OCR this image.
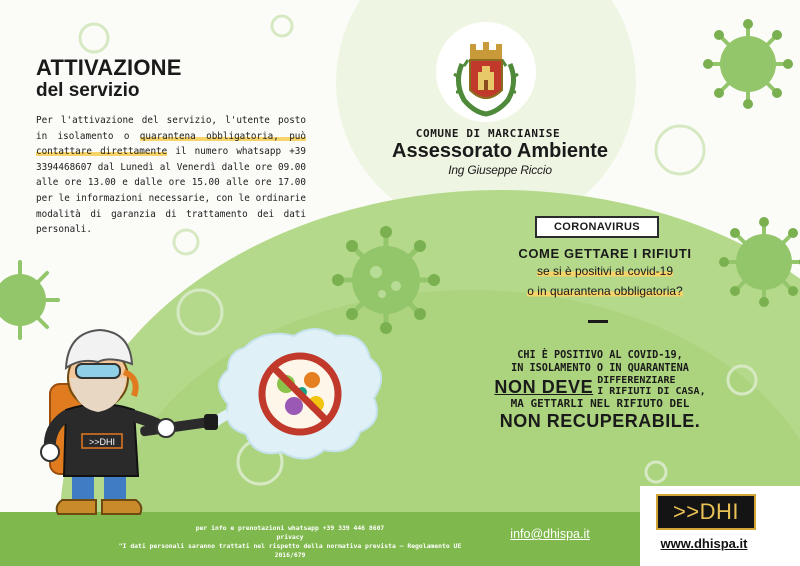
ATTIVAZIONE
del servizio
Per l'attivazione del servizio, l'utente posto in isolamento o quarantena obbligatoria, può contattare direttamente il numero whatsapp +39 3394468607 dal Lunedì al Venerdì dalle ore 09.00 alle ore 13.00 e dalle ore 15.00 alle ore 17.00 per le informazioni necessarie, con le ordinarie modalità di garanzia di trattamento dei dati personali.
COMUNE DI MARCIANISE
Assessorato Ambiente
Ing Giuseppe Riccio
CORONAVIRUS
COME GETTARE I RIFIUTI
se si è positivi al covid-19
o in quarantena obbligatoria?
CHI È POSITIVO AL COVID-19,
IN ISOLAMENTO O IN QUARANTENA
NON DEVE DIFFERENZIARE
I RIFIUTI DI CASA,
MA GETTARLI NEL RIFIUTO DEL
NON RECUPERABILE.
>>DHI
per info e prenotazioni whatsapp +39 339 446 8607
privacy
"I dati personali saranno trattati nel rispetto della normativa prevista – Regolamento UE
2016/679
info@dhispa.it
>>DHI
www.dhispa.it
